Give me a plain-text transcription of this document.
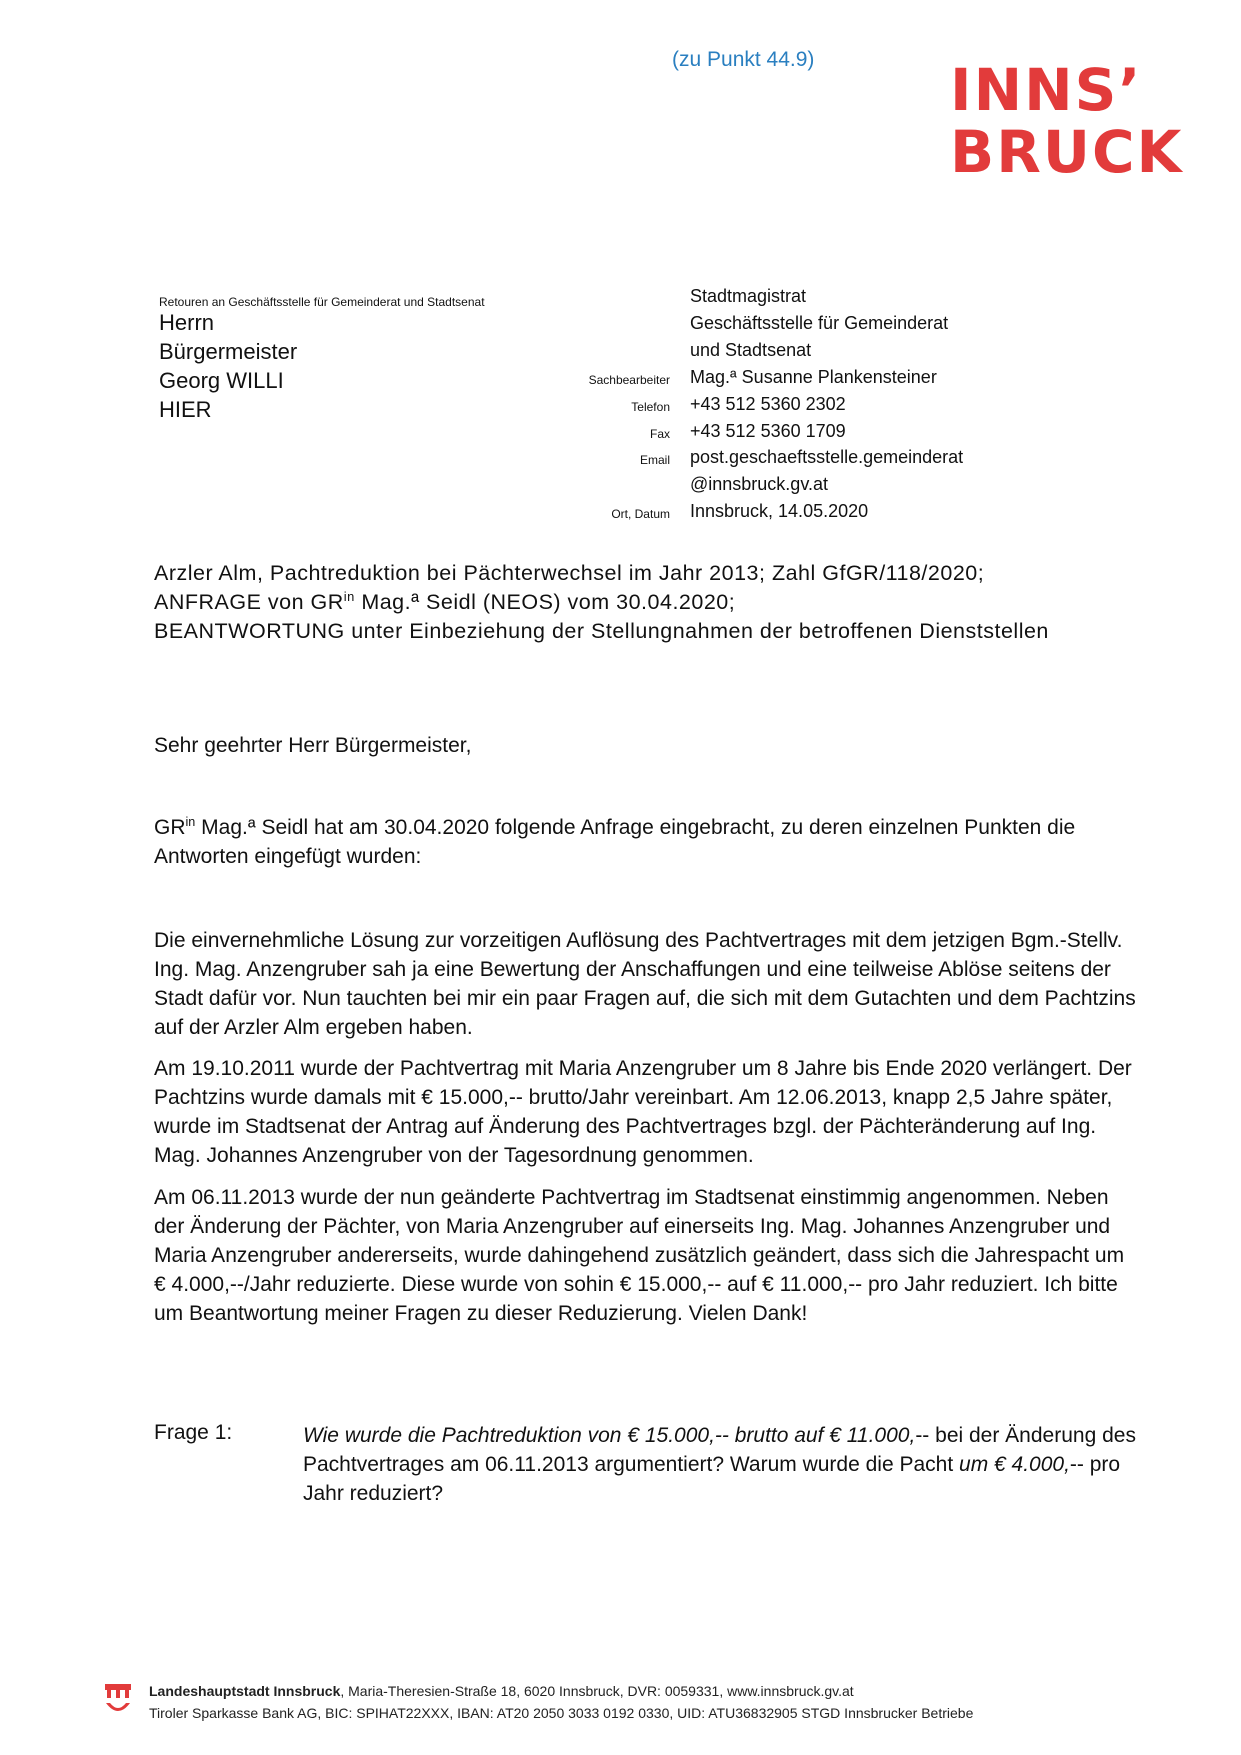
(zu Punkt 44.9) INNS’
BRUCK
Retouren an Geschäftsstelle für Gemeinderat und Stadtsenat
Herrn
Bürgermeister
Georg WILLI
HIER
Stadtmagistrat
Geschäftsstelle für Gemeinderat
und Stadtsenat
Sachbearbeiter Mag.ª Susanne Plankensteiner
Telefon +43 512 5360 2302
Fax +43 512 5360 1709
Email post.geschaeftsstelle.gemeinderat
@innsbruck.gv.at
Ort, Datum Innsbruck, 14.05.2020
Arzler Alm, Pachtreduktion bei Pächterwechsel im Jahr 2013; Zahl GfGR/118/2020;
ANFRAGE von $GR^{in}$ Mag.ª Seidl (NEOS) vom 30.04.2020;
BEANTWORTUNG unter Einbeziehung der Stellungnahmen der betroffenen Dienststellen
Sehr geehrter Herr Bürgermeister,
$GR^{in}$ Mag.ª Seidl hat am 30.04.2020 folgende Anfrage eingebracht, zu deren einzelnen Punkten die Antworten eingefügt wurden:
Die einvernehmliche Lösung zur vorzeitigen Auflösung des Pachtvertrages mit dem jetzigen Bgm.-Stellv. Ing. Mag. Anzengruber sah ja eine Bewertung der Anschaffungen und eine teilweise Ablöse seitens der Stadt dafür vor. Nun tauchten bei mir ein paar Fragen auf, die sich mit dem Gutachten und dem Pachtzins auf der Arzler Alm ergeben haben.
Am 19.10.2011 wurde der Pachtvertrag mit Maria Anzengruber um 8 Jahre bis Ende 2020 verlängert. Der Pachtzins wurde damals mit € 15.000,-- brutto/Jahr vereinbart. Am 12.06.2013, knapp 2,5 Jahre später, wurde im Stadtsenat der Antrag auf Änderung des Pachtvertrages bzgl. der Pächteränderung auf Ing. Mag. Johannes Anzengruber von der Tagesordnung genommen.
Am 06.11.2013 wurde der nun geänderte Pachtvertrag im Stadtsenat einstimmig angenommen. Neben der Änderung der Pächter, von Maria Anzengruber auf einerseits Ing. Mag. Johannes Anzengruber und Maria Anzengruber andererseits, wurde dahingehend zusätzlich geändert, dass sich die Jahrespacht um € 4.000,--/Jahr reduzierte. Diese wurde von sohin € 15.000,-- auf € 11.000,-- pro Jahr reduziert. Ich bitte um Beantwortung meiner Fragen zu dieser Reduzierung. Vielen Dank!
Frage 1:	Wie wurde die Pachtreduktion von € 15.000,-- brutto auf € 11.000,-- bei der Änderung des Pachtvertrages am 06.11.2013 argumentiert? Warum wurde die Pacht um € 4.000,-- pro Jahr reduziert?
Landeshauptstadt Innsbruck, Maria-Theresien-Straße 18, 6020 Innsbruck, DVR: 0059331, www.innsbruck.gv.at
Tiroler Sparkasse Bank AG, BIC: SPIHAT22XXX, IBAN: AT20 2050 3033 0192 0330, UID: ATU36832905 STGD Innsbrucker Betriebe
